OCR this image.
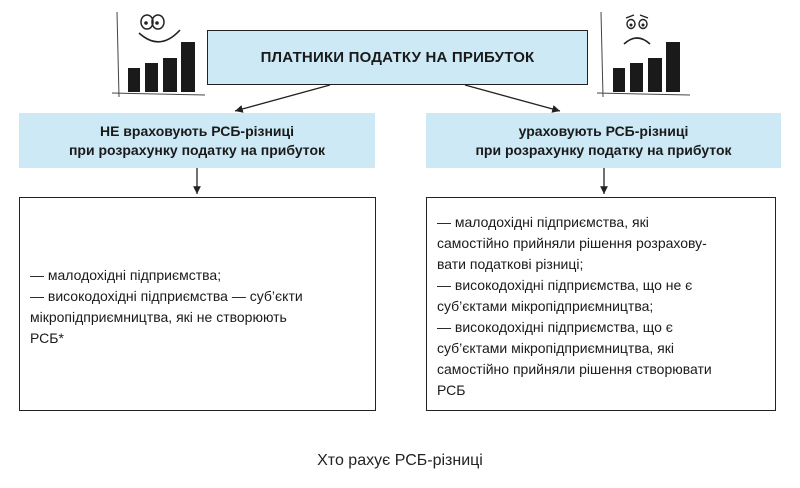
ПЛАТНИКИ ПОДАТКУ НА ПРИБУТОК
НЕ враховують РСБ-різниці
при розрахунку податку на прибуток
ураховують РСБ-різниці
при розрахунку податку на прибуток
— малодохідні підприємства;
— високодохідні підприємства — суб’єкти
мікропідприємництва, які не створюють
РСБ*
— малодохідні підприємства, які
самостійно прийняли рішення розрахову-
вати податкові різниці;
— високодохідні підприємства, що не є
суб’єктами мікропідприємництва;
— високодохідні підприємства, що є
суб’єктами мікропідприємництва, які
самостійно прийняли рішення створювати
РСБ
Хто рахує РСБ-різниці
